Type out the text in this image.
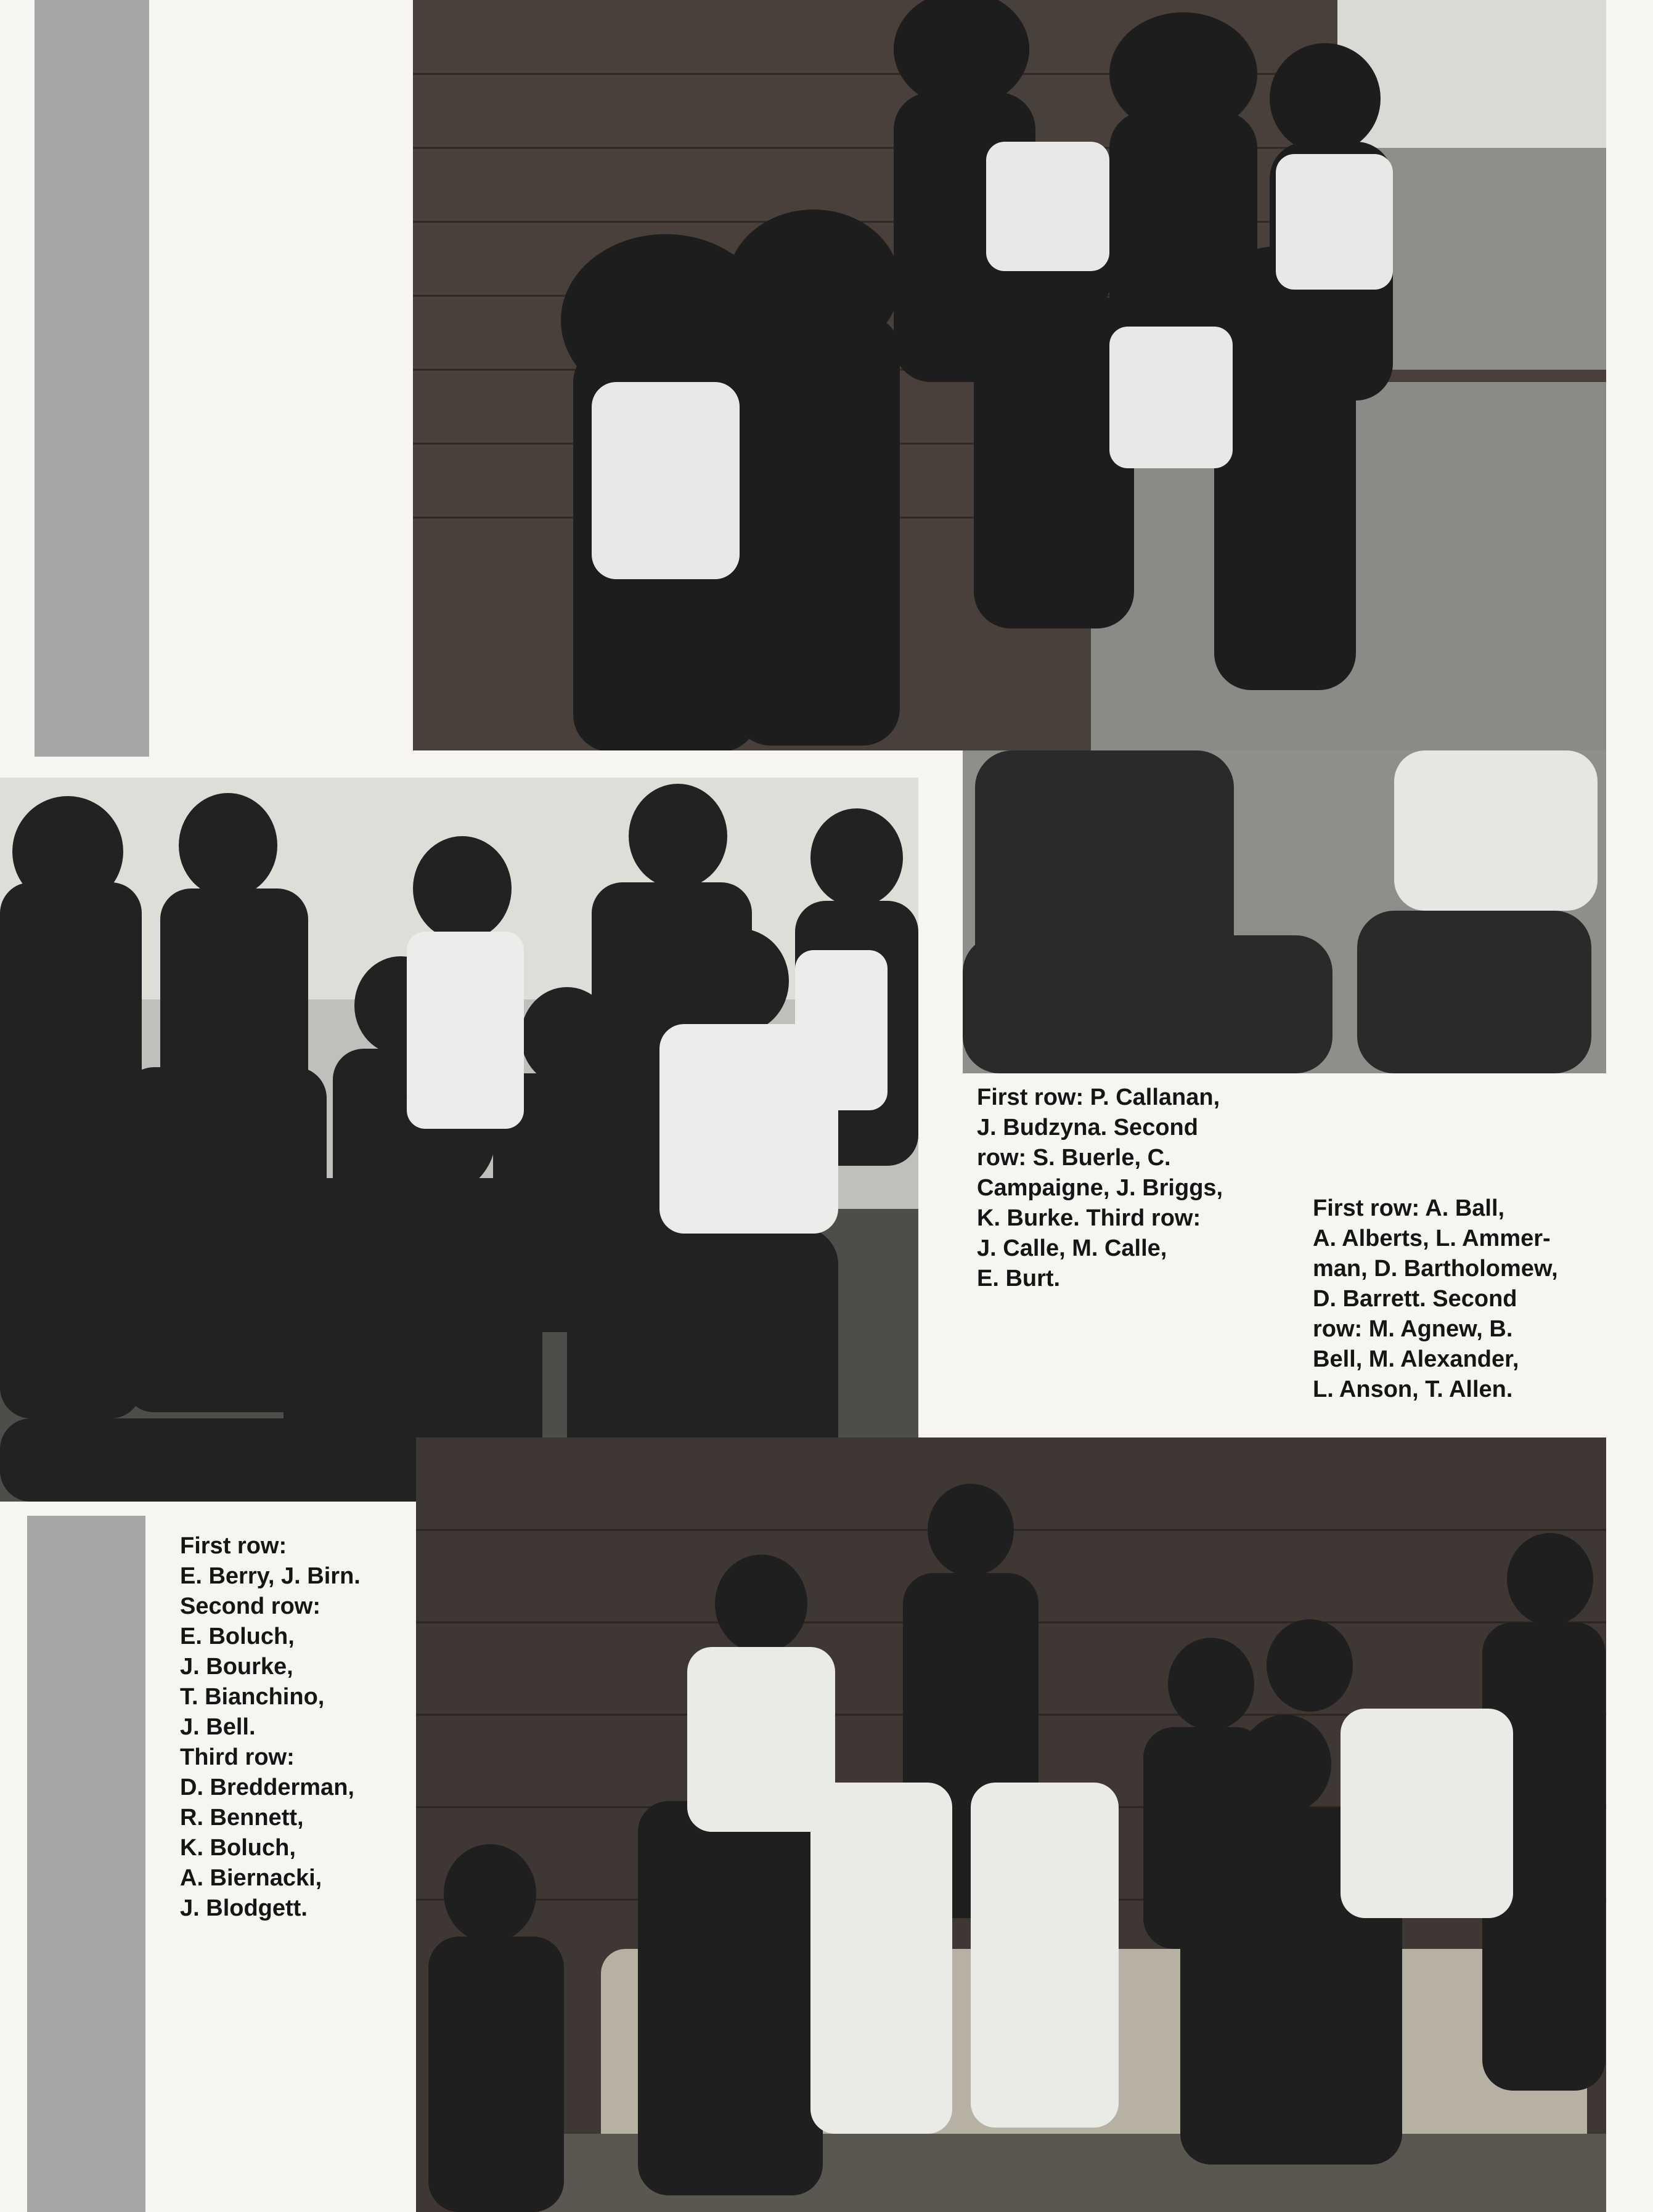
First row: P. Callanan,
J. Budzyna. Second
row: S. Buerle, C.
Campaigne, J. Briggs,
K. Burke. Third row:
J. Calle, M. Calle,
E. Burt.
First row: A. Ball,
A. Alberts, L. Ammer-
man, D. Bartholomew,
D. Barrett. Second
row: M. Agnew, B.
Bell, M. Alexander,
L. Anson, T. Allen.
First row:
E. Berry, J. Birn.
Second row:
E. Boluch,
J. Bourke,
T. Bianchino,
J. Bell.
Third row:
D. Bredderman,
R. Bennett,
K. Boluch,
A. Biernacki,
J. Blodgett.
